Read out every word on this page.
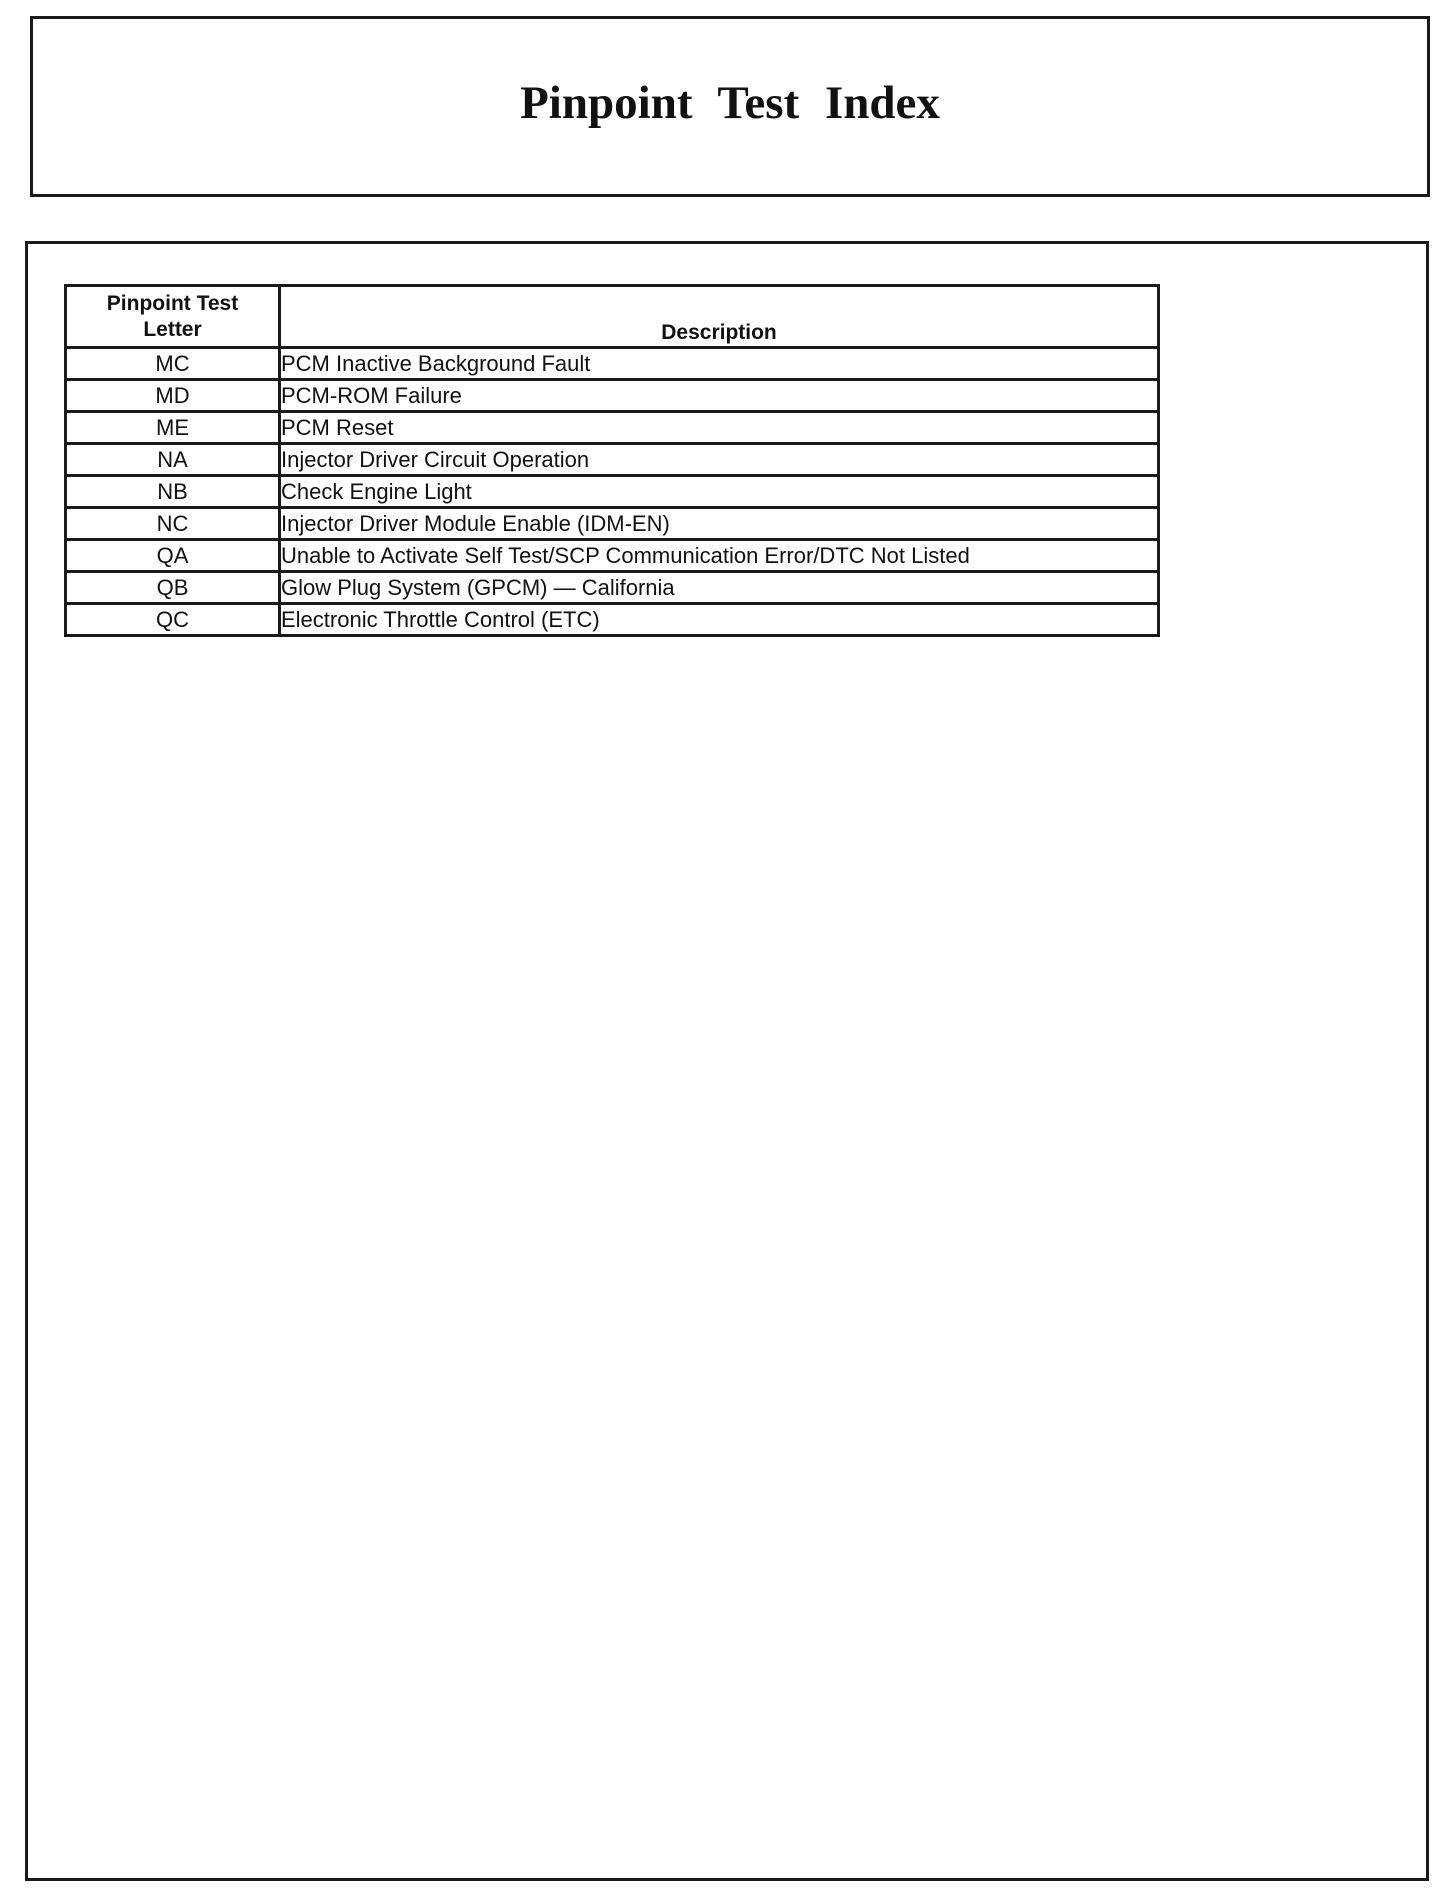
Pinpoint Test Index
Pinpoint Test
Letter	Description
MC	PCM Inactive Background Fault
MD	PCM-ROM Failure
ME	PCM Reset
NA	Injector Driver Circuit Operation
NB	Check Engine Light
NC	Injector Driver Module Enable (IDM-EN)
QA	Unable to Activate Self Test/SCP Communication Error/DTC Not Listed
QB	Glow Plug System (GPCM) — California
QC	Electronic Throttle Control (ETC)
